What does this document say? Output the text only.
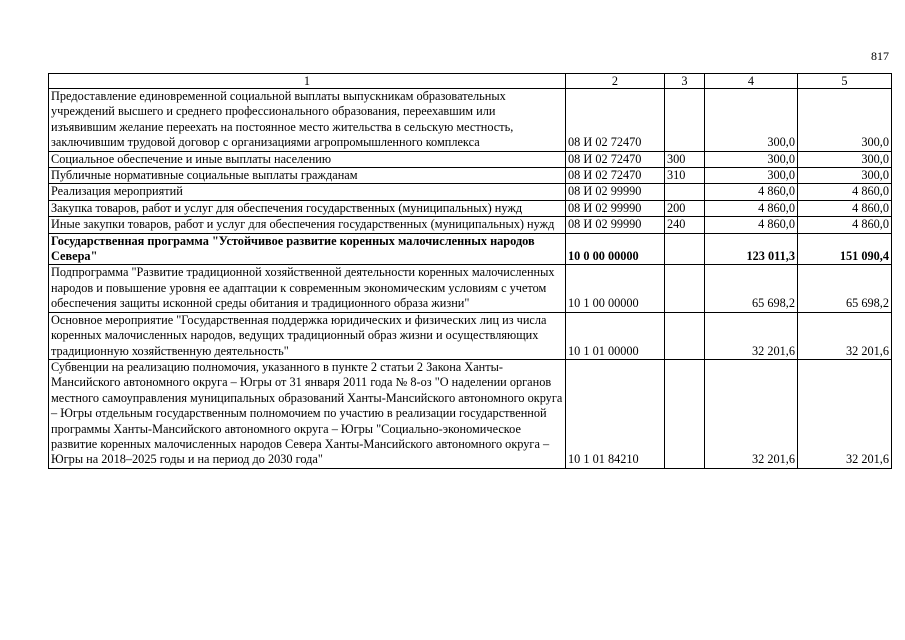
817
1	2	3	4	5
Предоставление единовременной социальной выплаты выпускникам образовательных учреждений высшего и среднего профессионального образования, переехавшим или изъявившим желание переехать на постоянное место жительства в сельскую местность, заключившим трудовой договор с организациями агропромышленного комплекса	08 И 02 72470		300,0	300,0
Социальное обеспечение и иные выплаты населению	08 И 02 72470	300	300,0	300,0
Публичные нормативные социальные выплаты гражданам	08 И 02 72470	310	300,0	300,0
Реализация мероприятий	08 И 02 99990		4 860,0	4 860,0
Закупка товаров, работ и услуг для обеспечения государственных (муниципальных) нужд	08 И 02 99990	200	4 860,0	4 860,0
Иные закупки товаров, работ и услуг для обеспечения государственных (муниципальных) нужд	08 И 02 99990	240	4 860,0	4 860,0
Государственная программа "Устойчивое развитие коренных малочисленных народов Севера"	10 0 00 00000		123 011,3	151 090,4
Подпрограмма "Развитие традиционной хозяйственной деятельности коренных малочисленных народов и повышение уровня ее адаптации к современным экономическим условиям с учетом обеспечения защиты исконной среды обитания и традиционного образа жизни"	10 1 00 00000		65 698,2	65 698,2
Основное мероприятие "Государственная поддержка юридических и физических лиц из числа коренных малочисленных народов, ведущих традиционный образ жизни и осуществляющих традиционную хозяйственную деятельность"	10 1 01 00000		32 201,6	32 201,6
Субвенции на реализацию полномочия, указанного в пункте 2 статьи 2 Закона Ханты-Мансийского автономного округа – Югры от 31 января 2011 года № 8-оз "О наделении органов местного самоуправления муниципальных образований Ханты-Мансийского автономного округа – Югры отдельным государственным полномочием по участию в реализации государственной программы Ханты-Мансийского автономного округа – Югры "Социально-экономическое развитие коренных малочисленных народов Севера Ханты-Мансийского автономного округа – Югры на 2018–2025 годы и на период до 2030 года"	10 1 01 84210		32 201,6	32 201,6
